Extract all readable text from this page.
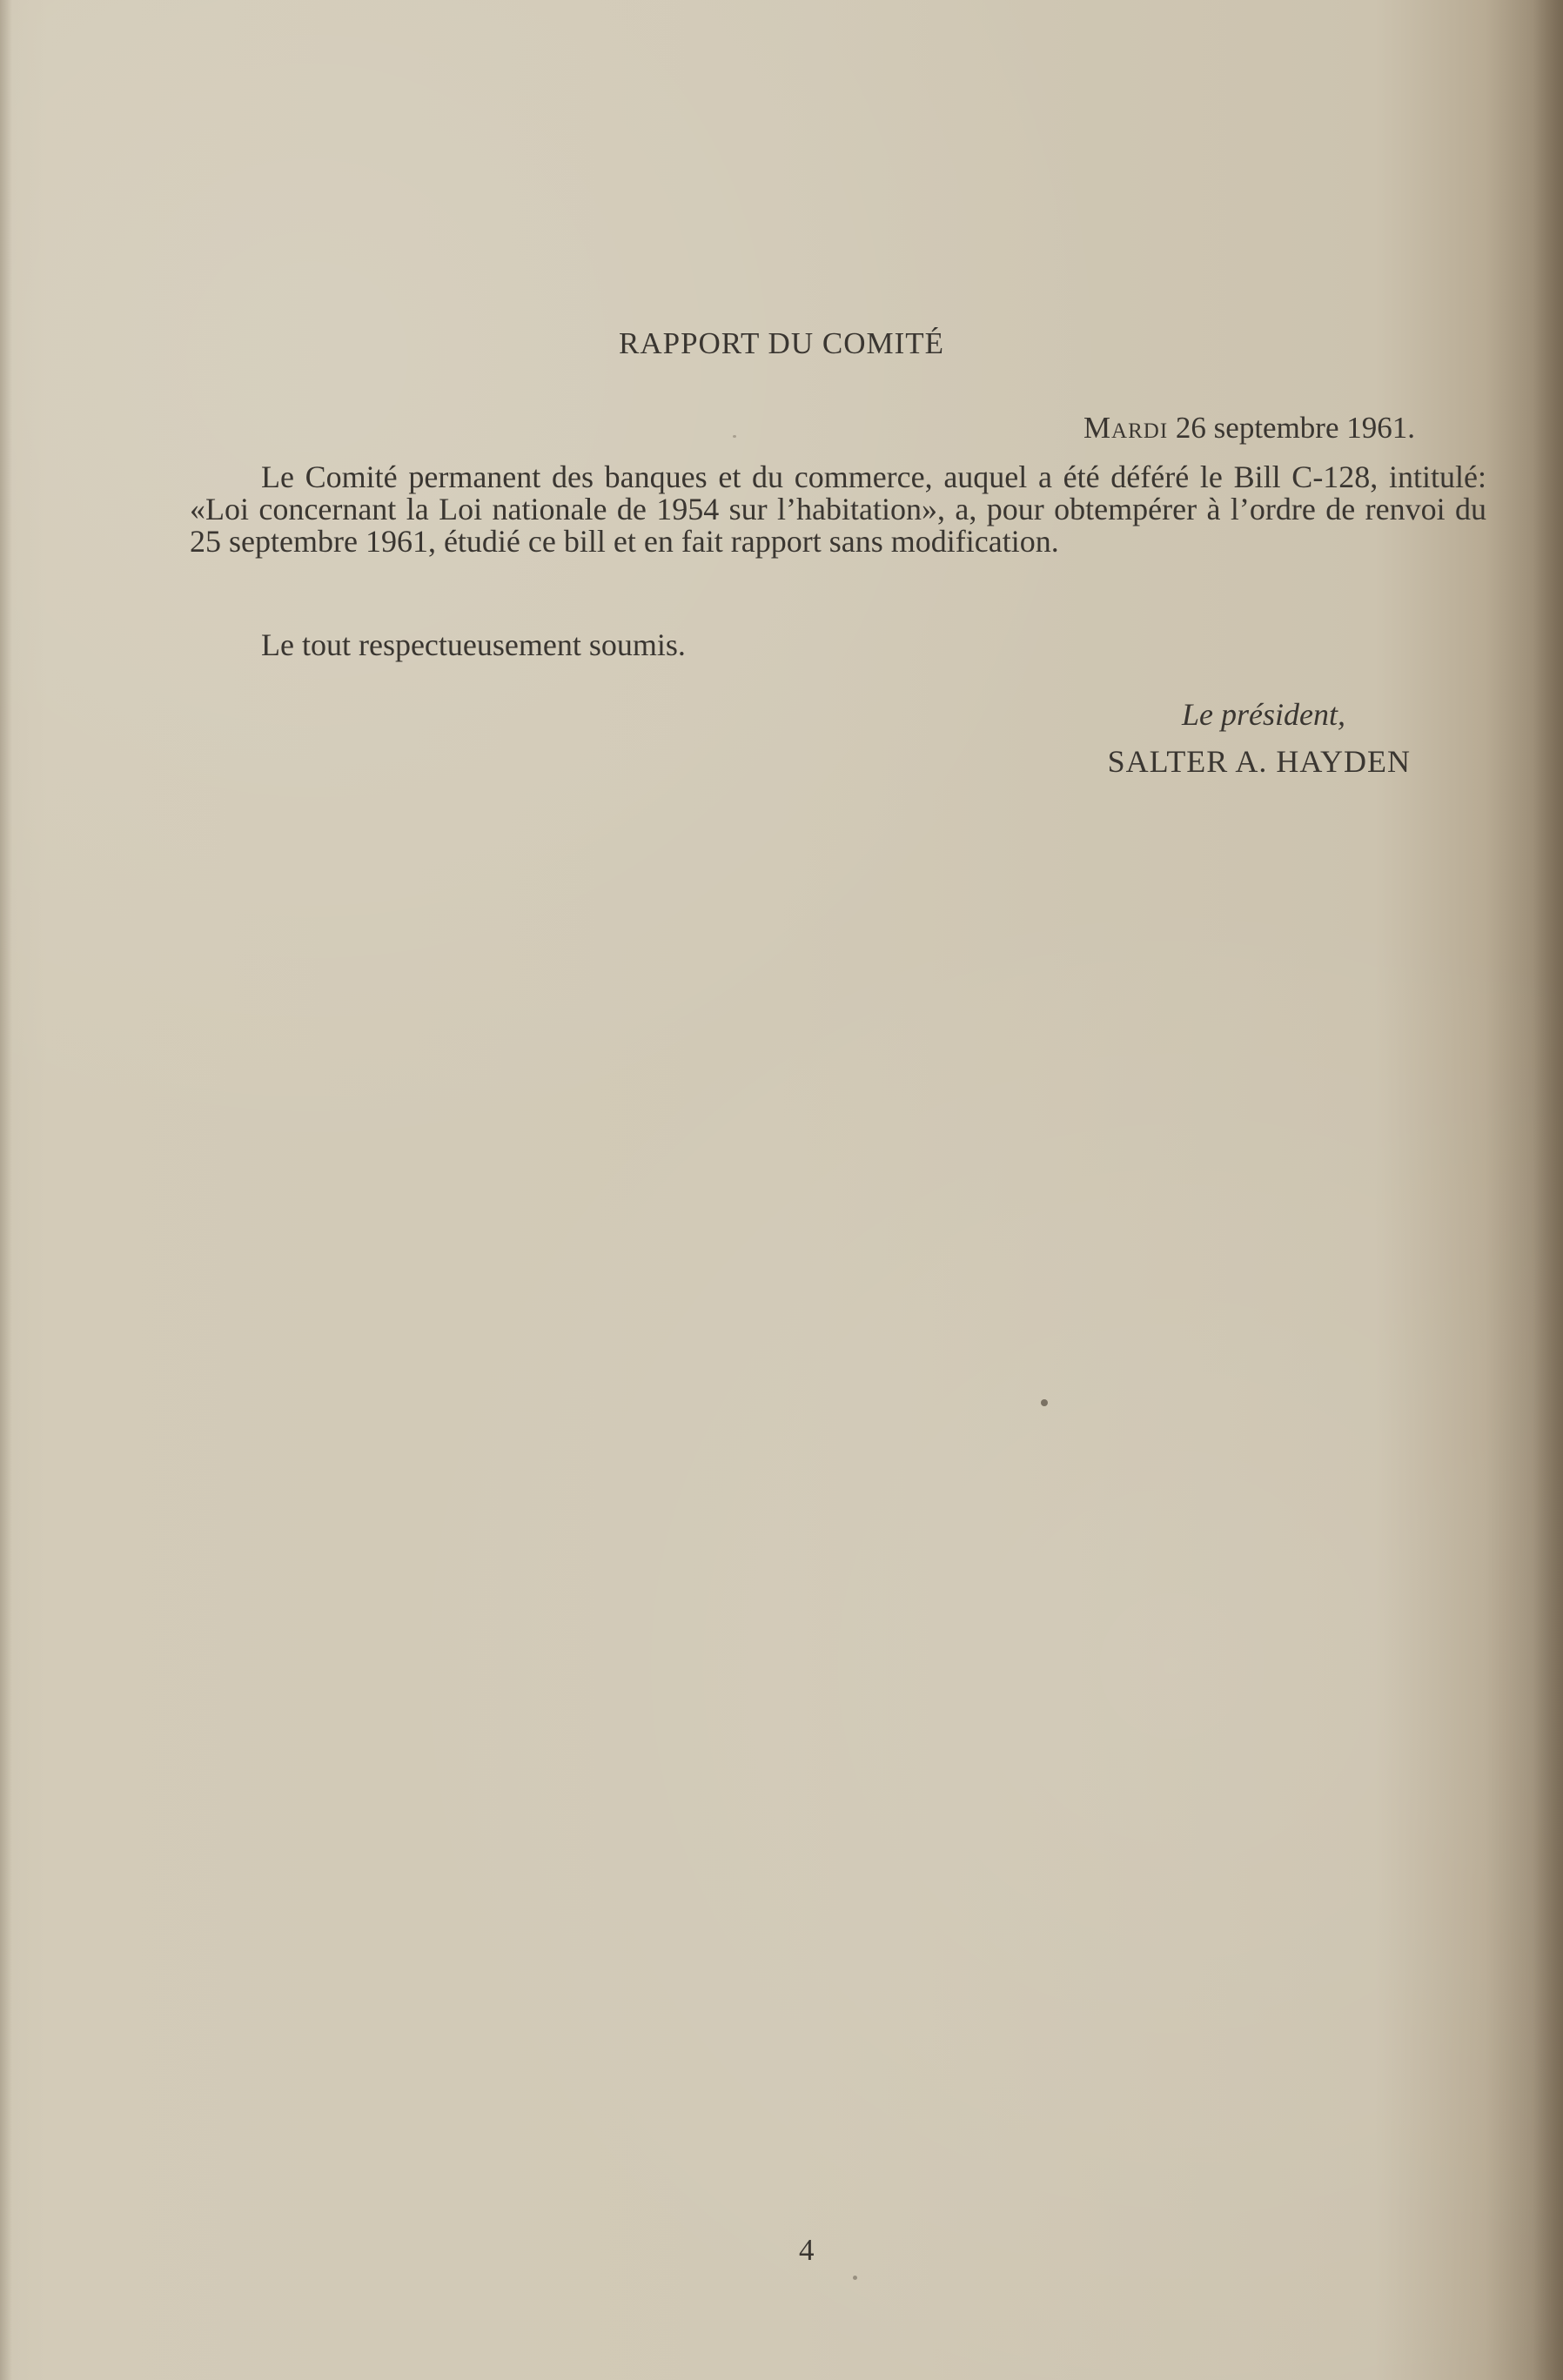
RAPPORT DU COMITÉ
Mardi 26 septembre 1961.

Le Comité permanent des banques et du commerce, auquel a été déféré le Bill C-128, intitulé: «Loi concernant la Loi nationale de 1954 sur l’habitation», a, pour obtempérer à l’ordre de renvoi du 25 septembre 1961, étudié ce bill et en fait rapport sans modification.

Le tout respectueusement soumis.
Le président,
SALTER A. HAYDEN
4
